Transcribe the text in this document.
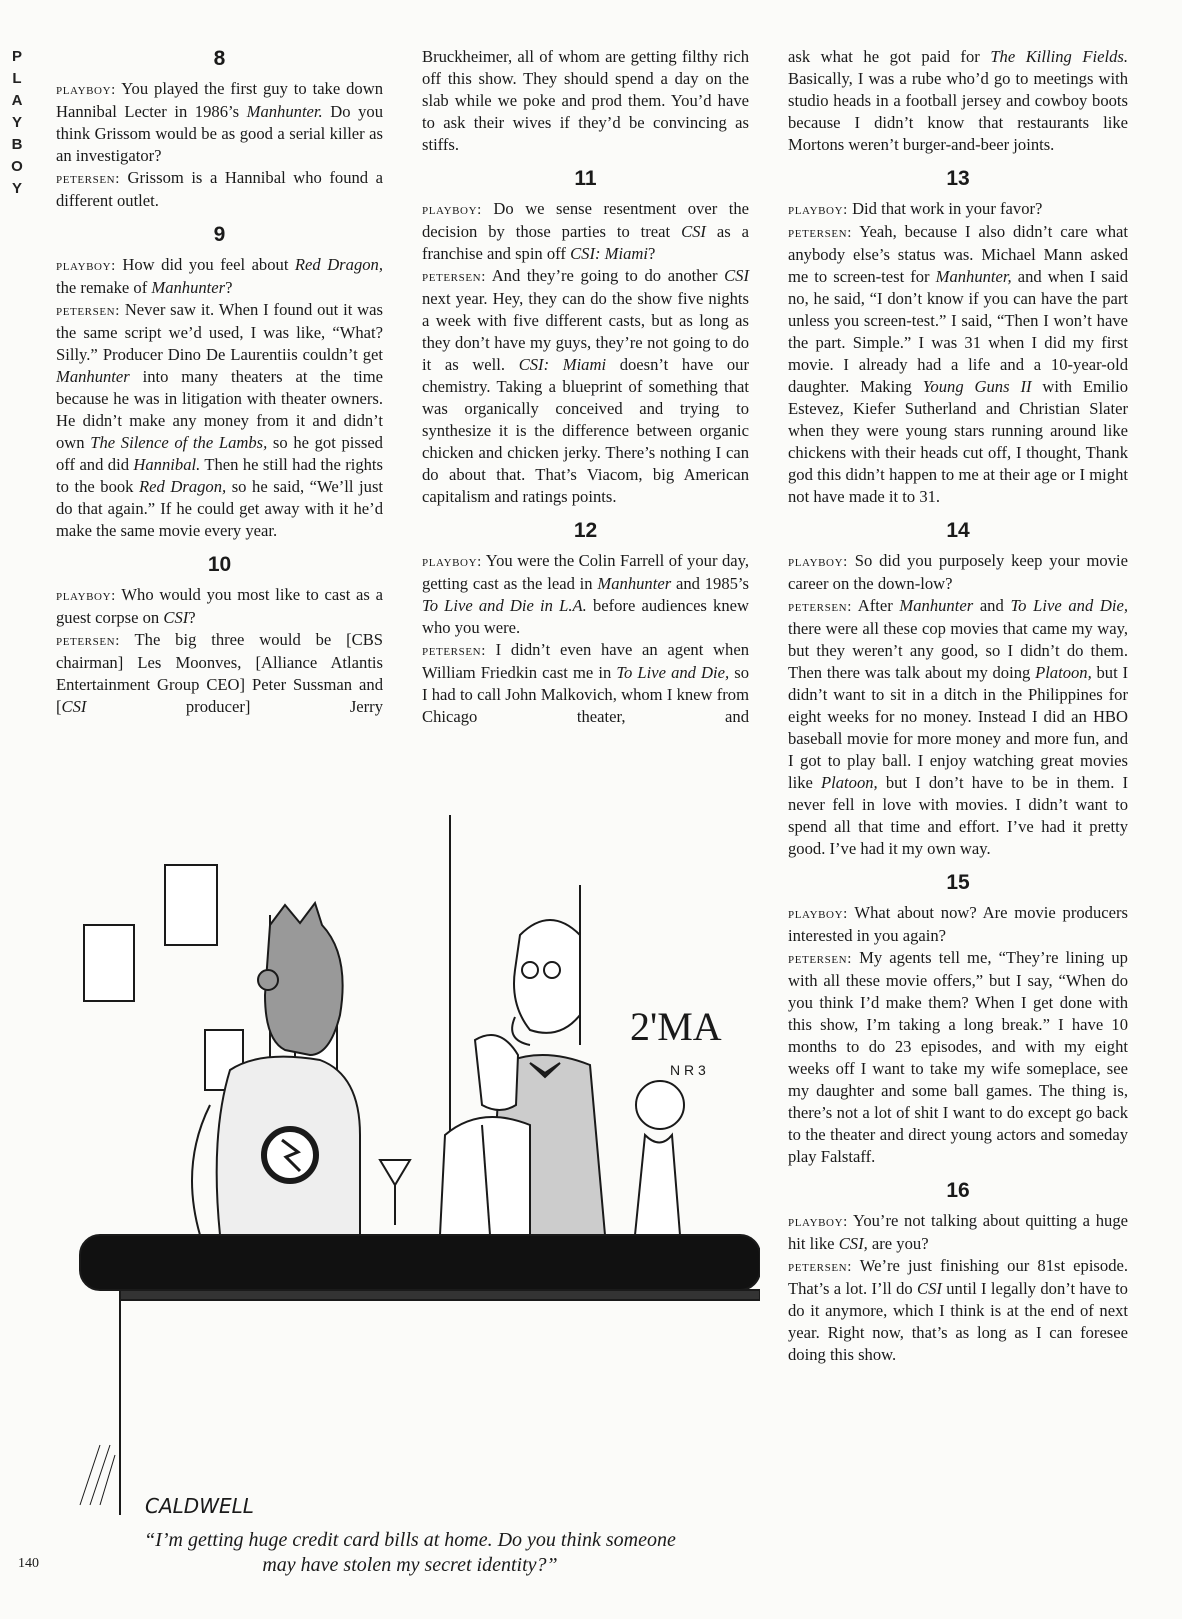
P
L
A
Y
B
O
Y
8

playboy: You played the first guy to take down Hannibal Lecter in 1986’s Manhunter. Do you think Grissom would be as good a serial killer as an investigator?

petersen: Grissom is a Hannibal who found a different outlet.

9

playboy: How did you feel about Red Dragon, the remake of Manhunter?

petersen: Never saw it. When I found out it was the same script we’d used, I was like, “What? Silly.” Producer Dino De Laurentiis couldn’t get Manhunter into many theaters at the time because he was in litigation with theater owners. He didn’t make any money from it and didn’t own The Silence of the Lambs, so he got pissed off and did Hannibal. Then he still had the rights to the book Red Dragon, so he said, “We’ll just do that again.” If he could get away with it he’d make the same movie every year.

10

playboy: Who would you most like to cast as a guest corpse on CSI?

petersen: The big three would be [CBS chairman] Les Moonves, [Alliance Atlantis Entertainment Group CEO] Peter Sussman and [CSI producer] Jerry

Bruckheimer, all of whom are getting filthy rich off this show. They should spend a day on the slab while we poke and prod them. You’d have to ask their wives if they’d be convincing as stiffs.

11

playboy: Do we sense resentment over the decision by those parties to treat CSI as a franchise and spin off CSI: Miami?

petersen: And they’re going to do another CSI next year. Hey, they can do the show five nights a week with five different casts, but as long as they don’t have my guys, they’re not going to do it as well. CSI: Miami doesn’t have our chemistry. Taking a blueprint of something that was organically conceived and trying to synthesize it is the difference between organic chicken and chicken jerky. There’s nothing I can do about that. That’s Viacom, big American capitalism and ratings points.

12

playboy: You were the Colin Farrell of your day, getting cast as the lead in Manhunter and 1985’s To Live and Die in L.A. before audiences knew who you were.

petersen: I didn’t even have an agent when William Friedkin cast me in To Live and Die, so I had to call John Malkovich, whom I knew from Chicago theater, and

ask what he got paid for The Killing Fields. Basically, I was a rube who’d go to meetings with studio heads in a football jersey and cowboy boots because I didn’t know that restaurants like Mortons weren’t burger-and-beer joints.

13

playboy: Did that work in your favor?

petersen: Yeah, because I also didn’t care what anybody else’s status was. Michael Mann asked me to screen-test for Manhunter, and when I said no, he said, “I don’t know if you can have the part unless you screen-test.” I said, “Then I won’t have the part. Simple.” I was 31 when I did my first movie. I already had a life and a 10-year-old daughter. Making Young Guns II with Emilio Estevez, Kiefer Sutherland and Christian Slater when they were young stars running around like chickens with their heads cut off, I thought, Thank god this didn’t happen to me at their age or I might not have made it to 31.

14

playboy: So did you purposely keep your movie career on the down-low?

petersen: After Manhunter and To Live and Die, there were all these cop movies that came my way, but they weren’t any good, so I didn’t do them. Then there was talk about my doing Platoon, but I didn’t want to sit in a ditch in the Philippines for eight weeks for no money. Instead I did an HBO baseball movie for more money and more fun, and I got to play ball. I enjoy watching great movies like Platoon, but I don’t have to be in them. I never fell in love with movies. I didn’t want to spend all that time and effort. I’ve had it pretty good. I’ve had it my own way.

15

playboy: What about now? Are movie producers interested in you again?

petersen: My agents tell me, “They’re lining up with all these movie offers,” but I say, “When do you think I’d make them? When I get done with this show, I’m taking a long break.” I have 10 months to do 23 episodes, and with my eight weeks off I want to take my wife someplace, see my daughter and some ball games. The thing is, there’s not a lot of shit I want to do except go back to the theater and direct young actors and someday play Falstaff.

16

playboy: You’re not talking about quitting a huge hit like CSI, are you?

petersen: We’re just finishing our 81st episode. That’s a lot. I’ll do CSI until I legally don’t have to do it anymore, which I think is at the end of next year. Right now, that’s as long as I can foresee doing this show.

2'MA
N R 3
CALDWELL
“I’m getting huge credit card bills at home. Do you think someone
may have stolen my secret identity?”
140
